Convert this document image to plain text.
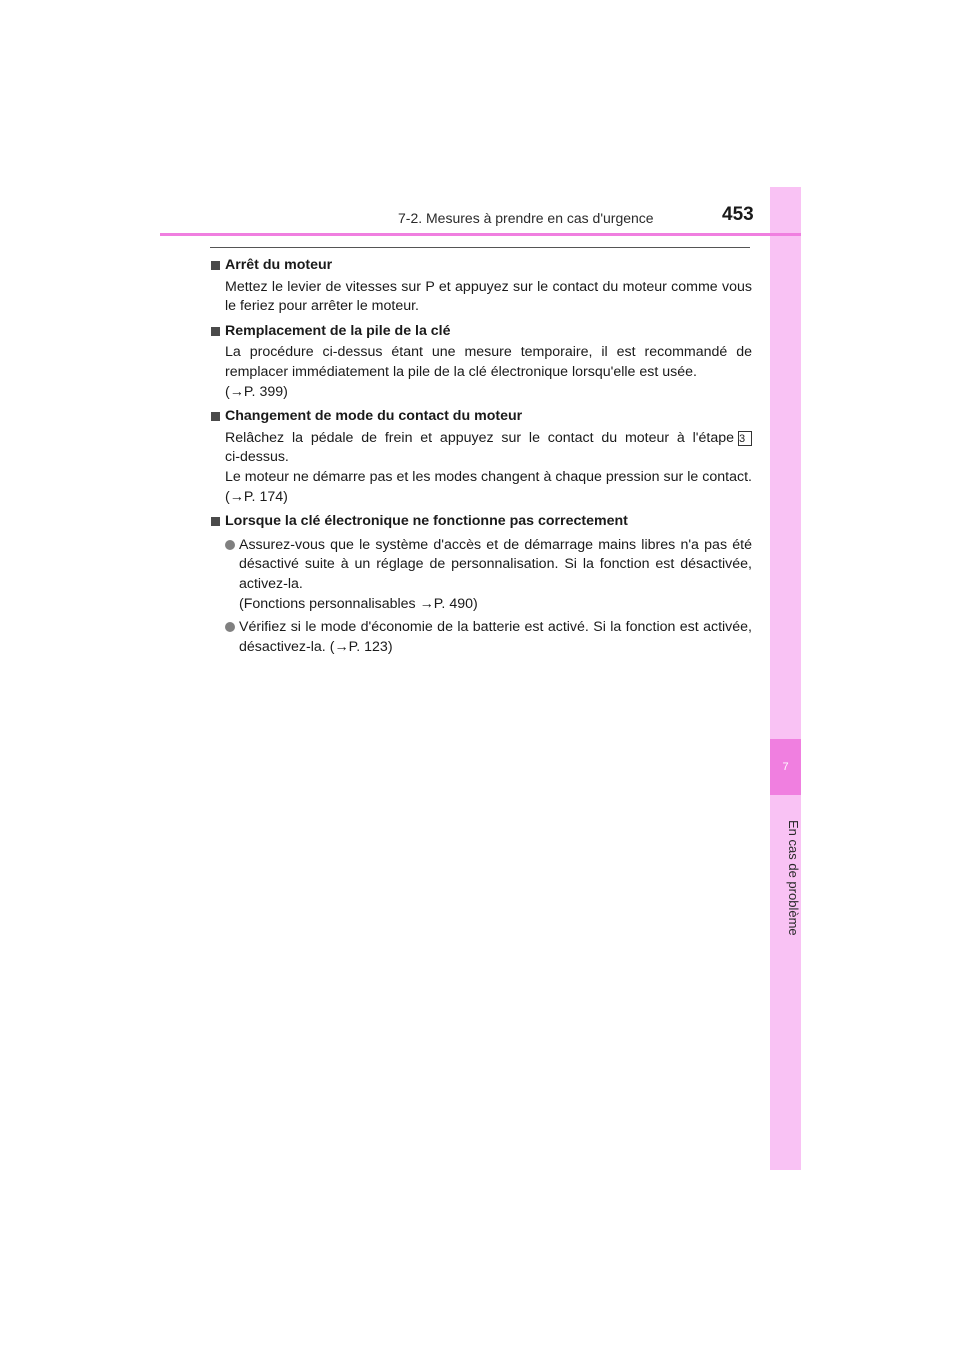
7
En cas de problème
7-2. Mesures à prendre en cas d'urgence	453
Arrêt du moteur
Mettez le levier de vitesses sur P et appuyez sur le contact du moteur comme vous le feriez pour arrêter le moteur.
Remplacement de la pile de la clé
La procédure ci-dessus étant une mesure temporaire, il est recommandé de remplacer immédiatement la pile de la clé électronique lorsqu'elle est usée.
(→P. 399)
Changement de mode du contact du moteur
Relâchez la pédale de frein et appuyez sur le contact du moteur à l'étape 3
ci-dessus.
Le moteur ne démarre pas et les modes changent à chaque pression sur le contact.(→P. 174)
Lorsque la clé électronique ne fonctionne pas correctement
Assurez-vous que le système d'accès et de démarrage mains libres n'a pas été désactivé suite à un réglage de personnalisation. Si la fonction est désactivée, activez-la.
(Fonctions personnalisables →P. 490)
Vérifiez si le mode d'économie de la batterie est activé. Si la fonction est activée, désactivez-la. (→P. 123)
